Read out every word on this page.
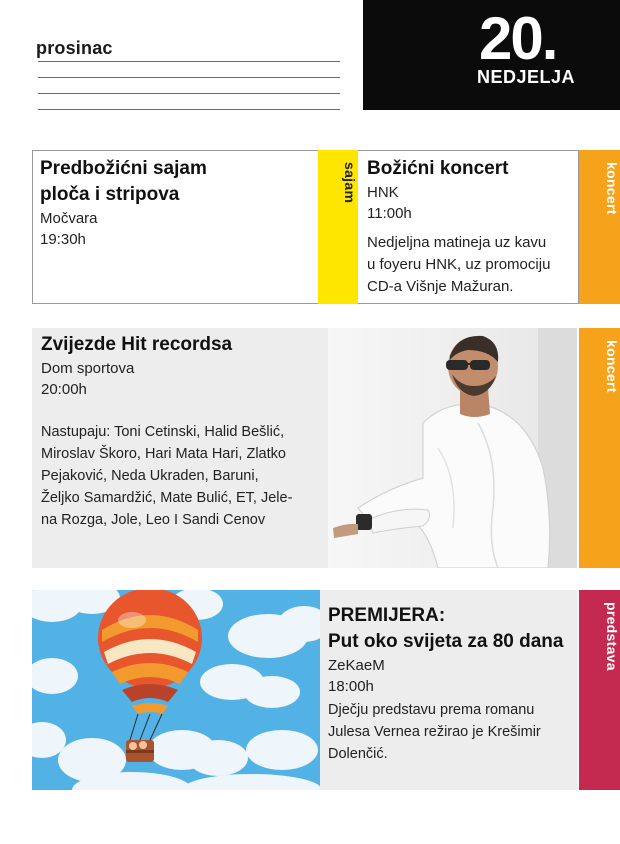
prosinac	20.
NEDJELJA
Predbožićni sajam
ploča i stripova
Močvara
19:30h
sajam Božićni koncert
HNK
11:00h
Nedjeljna matineja uz kavu
u foyeru HNK, uz promociju
CD-a Višnje Mažuran.
koncert
Zvijezde Hit recordsa
Dom sportova
20:00h
Nastupaju: Toni Cetinski, Halid Bešlić,
Miroslav Škoro, Hari Mata Hari, Zlatko
Pejaković, Neda Ukraden, Baruni,
Željko Samardžić, Mate Bulić, ET, Jele-
na Rozga, Jole, Leo I Sandi Cenov
koncert
PREMIJERA:
Put oko svijeta za 80 dana
ZeKaeM
18:00h
Dječju predstavu prema romanu
Julesa Vernea režirao je Krešimir
Dolenčić.
predstava
